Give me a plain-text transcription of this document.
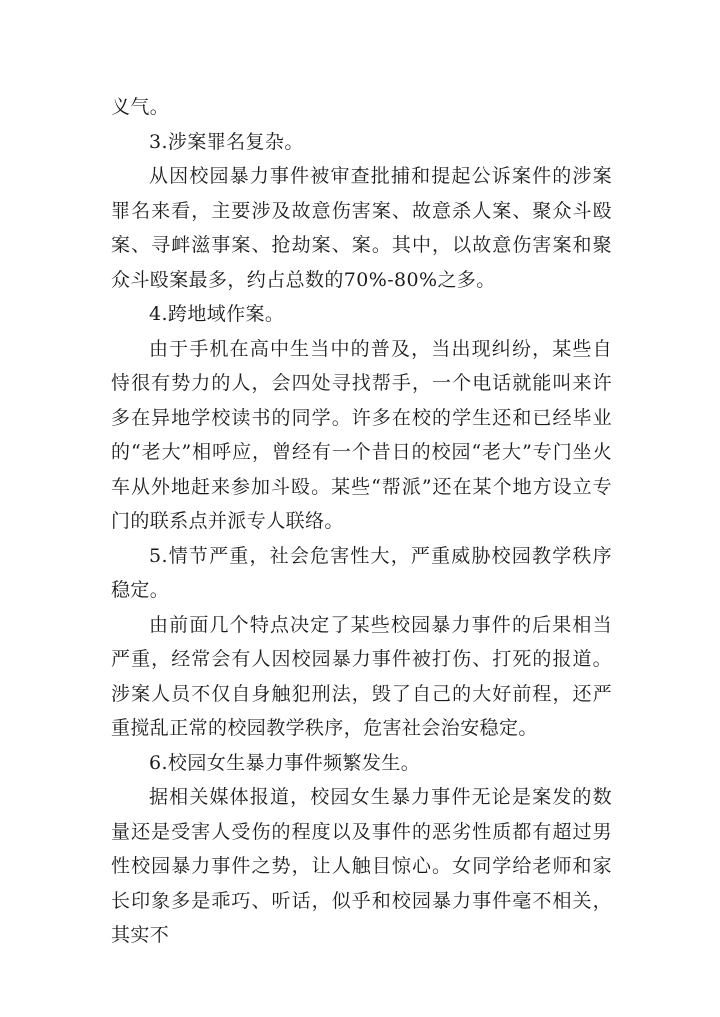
义气。

3.涉案罪名复杂。

从因校园暴力事件被审查批捕和提起公诉案件的涉案罪名来看，主要涉及故意伤害案、故意杀人案、聚众斗殴案、寻衅滋事案、抢劫案、案。其中，以故意伤害案和聚众斗殴案最多，约占总数的70%-80%之多。

4.跨地域作案。

由于手机在高中生当中的普及，当出现纠纷，某些自恃很有势力的人，会四处寻找帮手，一个电话就能叫来许多在异地学校读书的同学。许多在校的学生还和已经毕业的“老大”相呼应，曾经有一个昔日的校园“老大”专门坐火车从外地赶来参加斗殴。某些“帮派”还在某个地方设立专门的联系点并派专人联络。

5.情节严重，社会危害性大，严重威胁校园教学秩序稳定。

由前面几个特点决定了某些校园暴力事件的后果相当严重，经常会有人因校园暴力事件被打伤、打死的报道。涉案人员不仅自身触犯刑法，毁了自己的大好前程，还严重搅乱正常的校园教学秩序，危害社会治安稳定。

6.校园女生暴力事件频繁发生。

据相关媒体报道，校园女生暴力事件无论是案发的数量还是受害人受伤的程度以及事件的恶劣性质都有超过男性校园暴力事件之势，让人触目惊心。女同学给老师和家长印象多是乖巧、听话，似乎和校园暴力事件毫不相关，其实不
